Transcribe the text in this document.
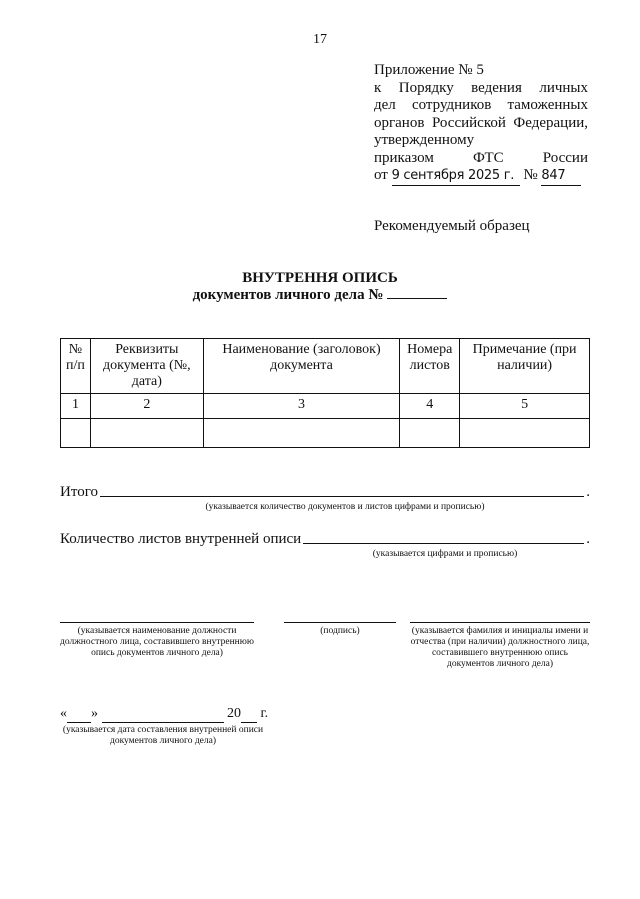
17
Приложение № 5
к Порядку ведения личных
дел сотрудников таможенных
органов Российской Федерации,
утвержденному
приказом ФТС России
от 9 сентября 2025 г. № 847
Рекомендуемый образец
ВНУТРЕННЯ ОПИСЬ
документов личного дела №
№ п/п	Реквизиты документа (№, дата)	Наименование (заголовок) документа	Номера листов	Примечание (при наличии)
1	2	3	4	5

Итого	.
(указывается количество документов и листов цифрами и прописью)
Количество листов внутренней описи	.
(указывается цифрами и прописью)
(указывается наименование должности должностного лица, составившего внутреннюю опись документов личного дела)
(подпись)	(указывается фамилия и инициалы имени и отчества (при наличии) должностного лица, составившего внутреннюю опись документов личного дела)
« »	20 г.
(указывается дата составления внутренней описи документов личного дела)
